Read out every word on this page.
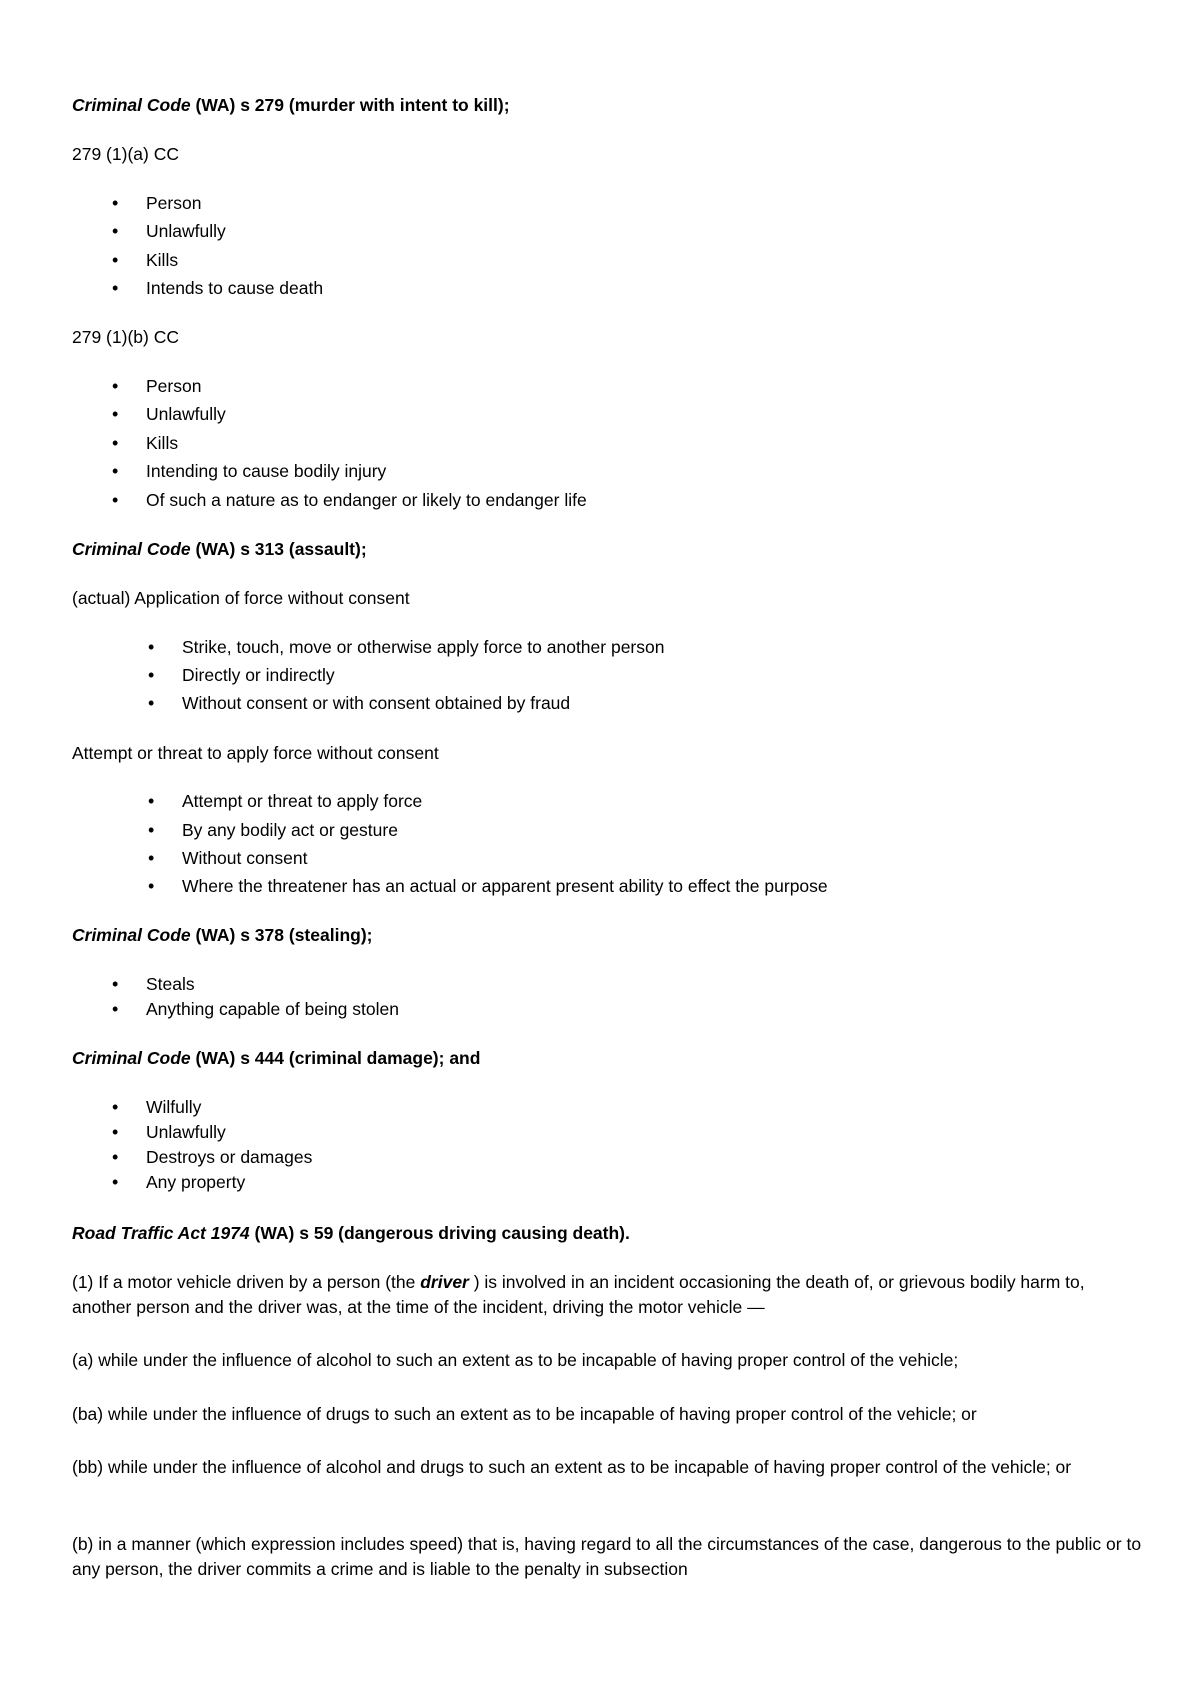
Criminal Code (WA) s 279 (murder with intent to kill);
279 (1)(a) CC
• Person
• Unlawfully
• Kills
• Intends to cause death
279 (1)(b) CC
• Person
• Unlawfully
• Kills
• Intending to cause bodily injury
• Of such a nature as to endanger or likely to endanger life
Criminal Code (WA) s 313 (assault);
(actual) Application of force without consent
• Strike, touch, move or otherwise apply force to another person
• Directly or indirectly
• Without consent or with consent obtained by fraud
Attempt or threat to apply force without consent
• Attempt or threat to apply force
• By any bodily act or gesture
• Without consent
• Where the threatener has an actual or apparent present ability to effect the purpose
Criminal Code (WA) s 378 (stealing);
• Steals
• Anything capable of being stolen
Criminal Code (WA) s 444 (criminal damage); and
• Wilfully
• Unlawfully
• Destroys or damages
• Any property
Road Traffic Act 1974 (WA) s 59 (dangerous driving causing death).
(1) If a motor vehicle driven by a person (the driver ) is involved in an incident occasioning the death of, or grievous bodily harm to, another person and the driver was, at the time of the incident, driving the motor vehicle —
(a) while under the influence of alcohol to such an extent as to be incapable of having proper control of the vehicle;
(ba) while under the influence of drugs to such an extent as to be incapable of having proper control of the vehicle; or
(bb) while under the influence of alcohol and drugs to such an extent as to be incapable of having proper control of the vehicle; or
(b) in a manner (which expression includes speed) that is, having regard to all the circumstances of the case, dangerous to the public or to any person, the driver commits a crime and is liable to the penalty in subsection
